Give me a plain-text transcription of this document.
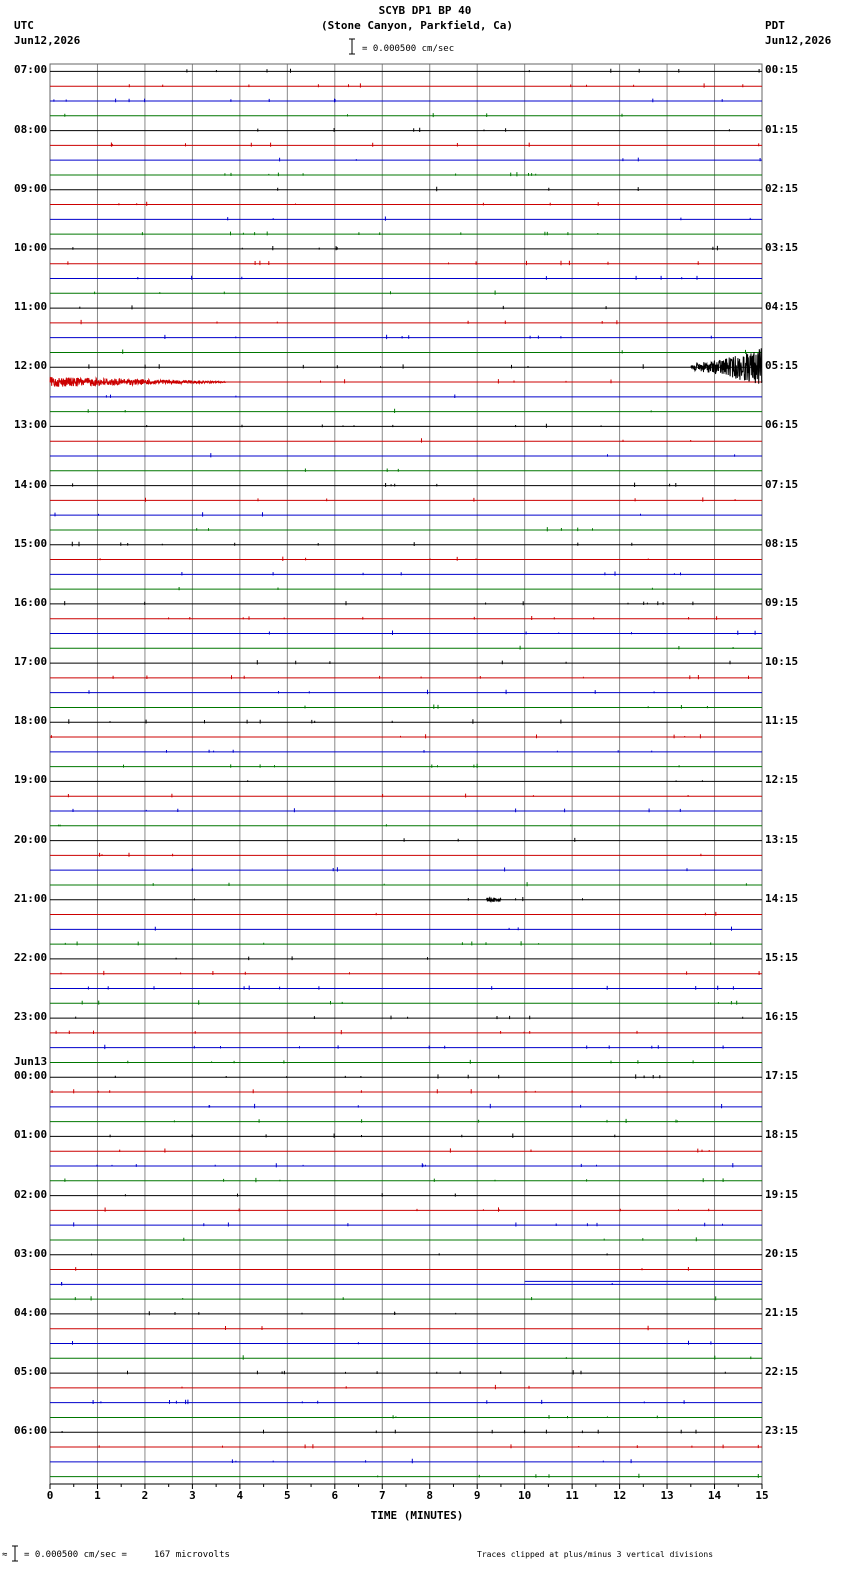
SCYB DP1 BP 40
(Stone Canyon, Parkfield, Ca)
UTC
Jun12,2026
PDT
Jun12,2026
= 0.000500 cm/sec
0	1	2	3	4	5	6	7	8	9	10	11	12	13	14	15
07:00
08:00
09:00
10:00
11:00
12:00
13:00
14:00
15:00
16:00
17:00
18:00
19:00
20:00
21:00
22:00
23:00
Jun13
00:00
01:00
02:00
03:00
04:00
05:00
06:00
00:15
01:15
02:15
03:15
04:15
05:15
06:15
07:15
08:15
09:15
10:15
11:15
12:15
13:15
14:15
15:15
16:15
17:15
18:15
19:15
20:15
21:15
22:15
23:15
TIME (MINUTES)
≈ = 0.000500 cm/sec =     167 microvolts	Traces clipped at plus/minus 3 vertical divisions
